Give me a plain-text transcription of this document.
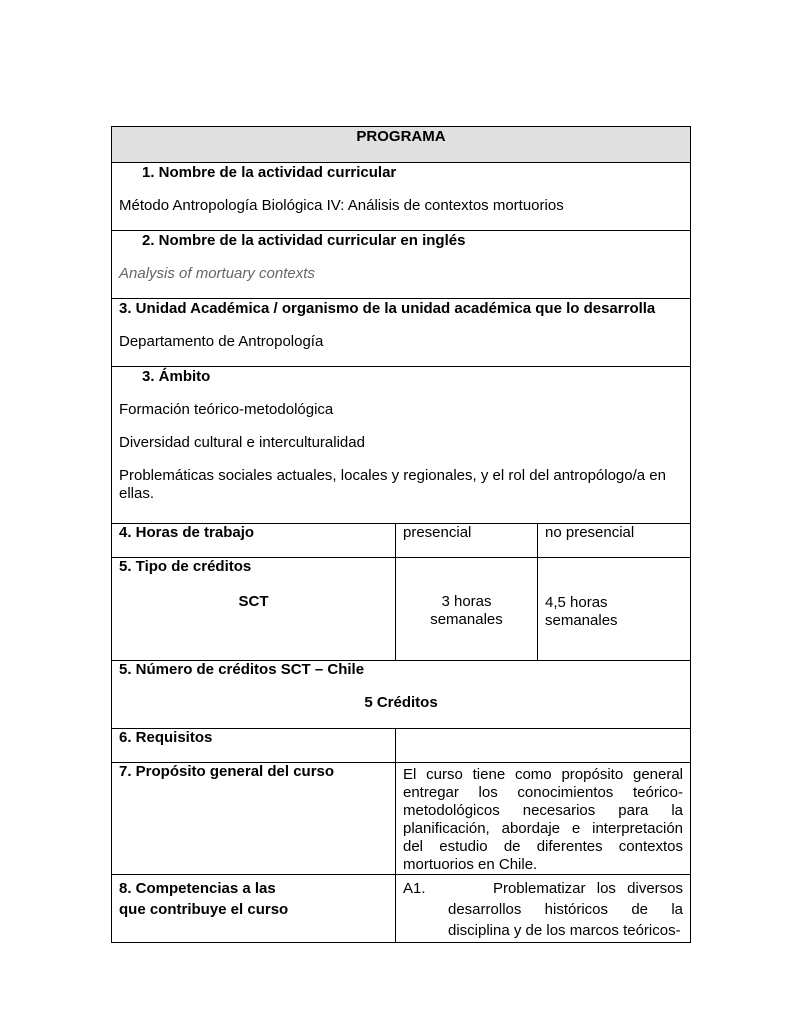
PROGRAMA		

1. Nombre de la actividad curricular

Método Antropología Biológica IV: Análisis de contextos mortuorios		

2. Nombre de la actividad curricular en inglés

Analysis of mortuary contexts		

3. Unidad Académica / organismo de la unidad académica que lo desarrolla

Departamento de Antropología		

3. Ámbito

Formación teórico-metodológica

Diversidad cultural e interculturalidad

Problemáticas sociales actuales, locales y regionales, y el rol del antropólogo/a en ellas.		

4. Horas de trabajo	presencial	no presencial

5. Tipo de créditos

SCT	3 horas semanales	4,5 horas semanales

5. Número de créditos SCT – Chile

5 Créditos		

6. Requisitos		
7. Propósito general del curso	El curso tiene como propósito general entregar los conocimientos teórico-metodológicos necesarios para la planificación, abordaje e interpretación del estudio de diferentes contextos mortuorios en Chile.	
8. Competencias a las que contribuye el curso	A1.      Problematizar los diversos desarrollos históricos de la disciplina y de los marcos teóricos-	
